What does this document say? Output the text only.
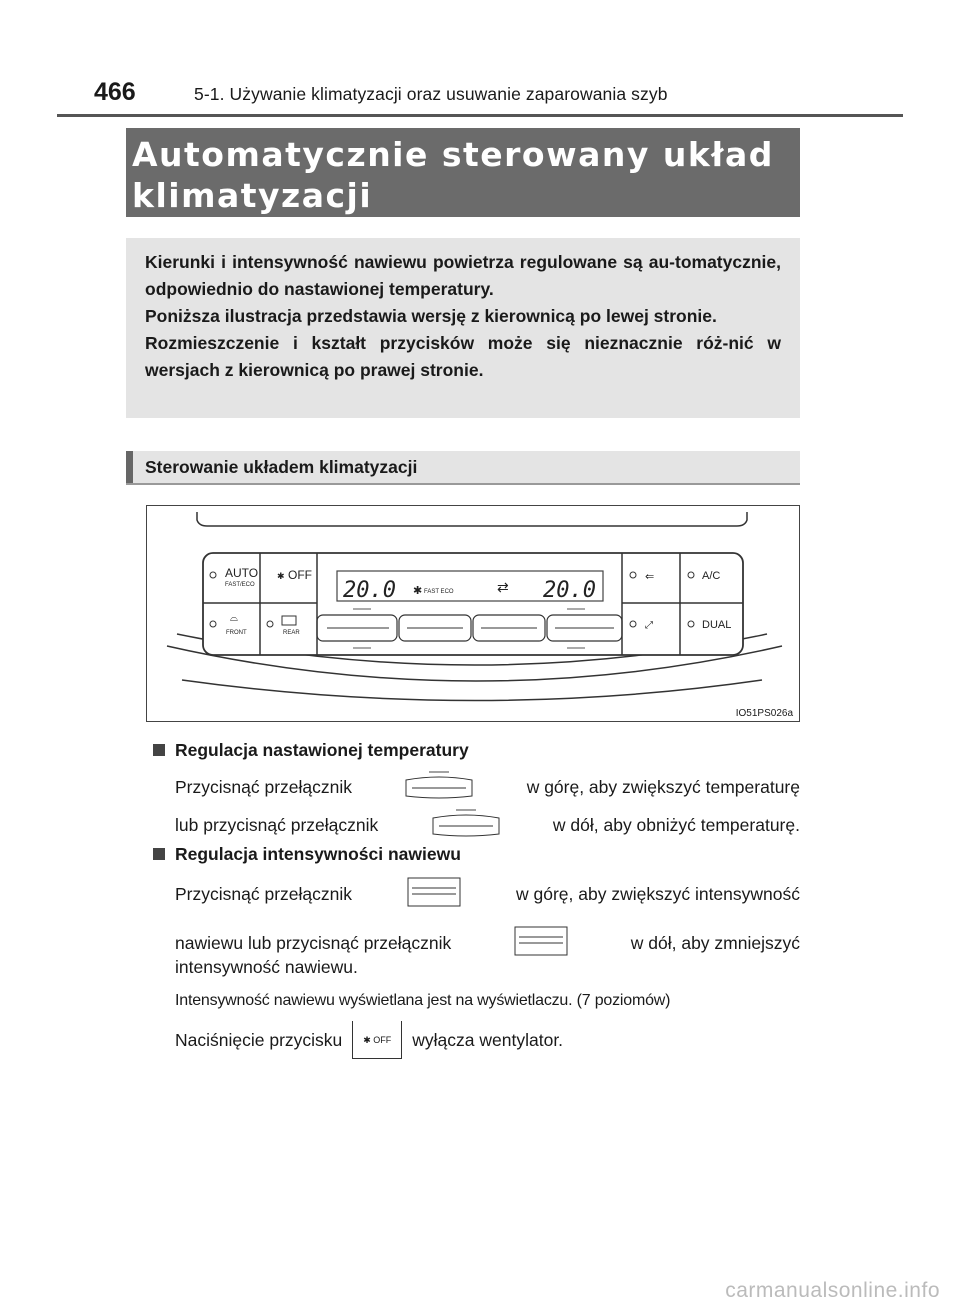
466	5-1. Używanie klimatyzacji oraz usuwanie zaparowania szyb
Automatycznie sterowany układ klimatyzacji

Kierunki i intensywność nawiewu powietrza regulowane są au-tomatycznie, odpowiednio do nastawionej temperatury.

Poniższa ilustracja przedstawia wersję z kierownicą po lewej stronie.

Rozmieszczenie i kształt przycisków może się nieznacznie róż-nić w wersjach z kierownicą po prawej stronie.

Sterowanie układem klimatyzacji
AUTO
FAST/ECO
✱ OFF
⌓
FRONT	REAR
⇐	A/C
⤢	DUAL
20.0 ✱ FAST ECO	⇄ 20.0
IO51PS026a
Regulacja nastawionej temperatury
Przycisnąć przełącznik	w górę, aby zwiększyć temperaturę
lub przycisnąć przełącznik	w dół, aby obniżyć temperaturę.
Regulacja intensywności nawiewu
Przycisnąć przełącznik	w górę, aby zwiększyć intensywność
nawiewu lub przycisnąć przełącznik	w dół, aby zmniejszyć
intensywność nawiewu.
Intensywność nawiewu wyświetlana jest na wyświetlaczu. (7 poziomów)
Naciśnięcie przycisku	✱ OFF	wyłącza wentylator.
carmanualsonline.info
